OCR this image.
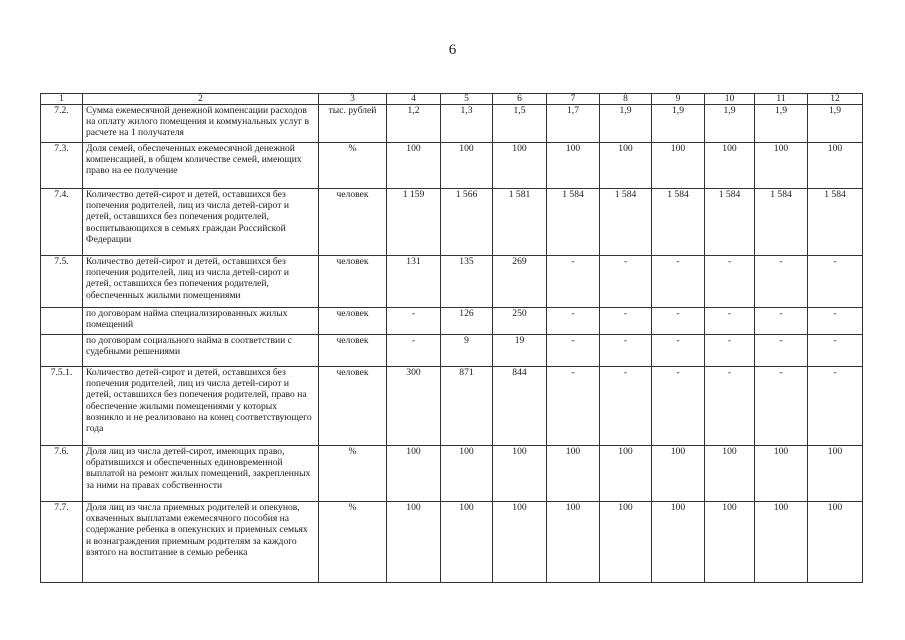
6
1	2	3	4	5	6	7	8	9	10	11	12
7.2.	Сумма ежемесячной денежной компенсации расходов на оплату жилого помещения и коммунальных услуг в расчете на 1 получателя	тыс. рублей	1,2	1,3	1,5	1,7	1,9	1,9	1,9	1,9	1,9
7.3.	Доля семей, обеспеченных ежемесячной денежной компенсацией, в общем количестве семей, имеющих право на ее получение	%	100	100	100	100	100	100	100	100	100
7.4.	Количество детей-сирот и детей, оставшихся без попечения родителей, лиц из числа детей-сирот и детей, оставшихся без попечения родителей, воспитывающихся в семьях граждан Российской Федерации	человек	1 159	1 566	1 581	1 584	1 584	1 584	1 584	1 584	1 584
7.5.	Количество детей-сирот и детей, оставшихся без попечения родителей, лиц из числа детей-сирот и детей, оставшихся без попечения родителей, обеспеченных жилыми помещениями	человек	131	135	269	-	-	-	-	-	-
	по договорам найма специализированных жилых помещений	человек	-	126	250	-	-	-	-	-	-
	по договорам социального найма в соответствии с судебными решениями	человек	-	9	19	-	-	-	-	-	-
7.5.1.	Количество детей-сирот и детей, оставшихся без попечения родителей, лиц из числа детей-сирот и детей, оставшихся без попечения родителей, право на обеспечение жилыми помещениями у которых возникло и не реализовано на конец соответствующего года	человек	300	871	844	-	-	-	-	-	-
7.6.	Доля лиц из числа детей-сирот, имеющих право, обратившихся и обеспеченных единовременной выплатой на ремонт жилых помещений, закрепленных за ними на правах собственности	%	100	100	100	100	100	100	100	100	100
7.7.	Доля лиц из числа приемных родителей и опекунов, охваченных выплатами ежемесячного пособия на содержание ребенка в опекунских и приемных семьях и вознаграждения приемным родителям за каждого взятого на воспитание в семью ребенка	%	100	100	100	100	100	100	100	100	100
